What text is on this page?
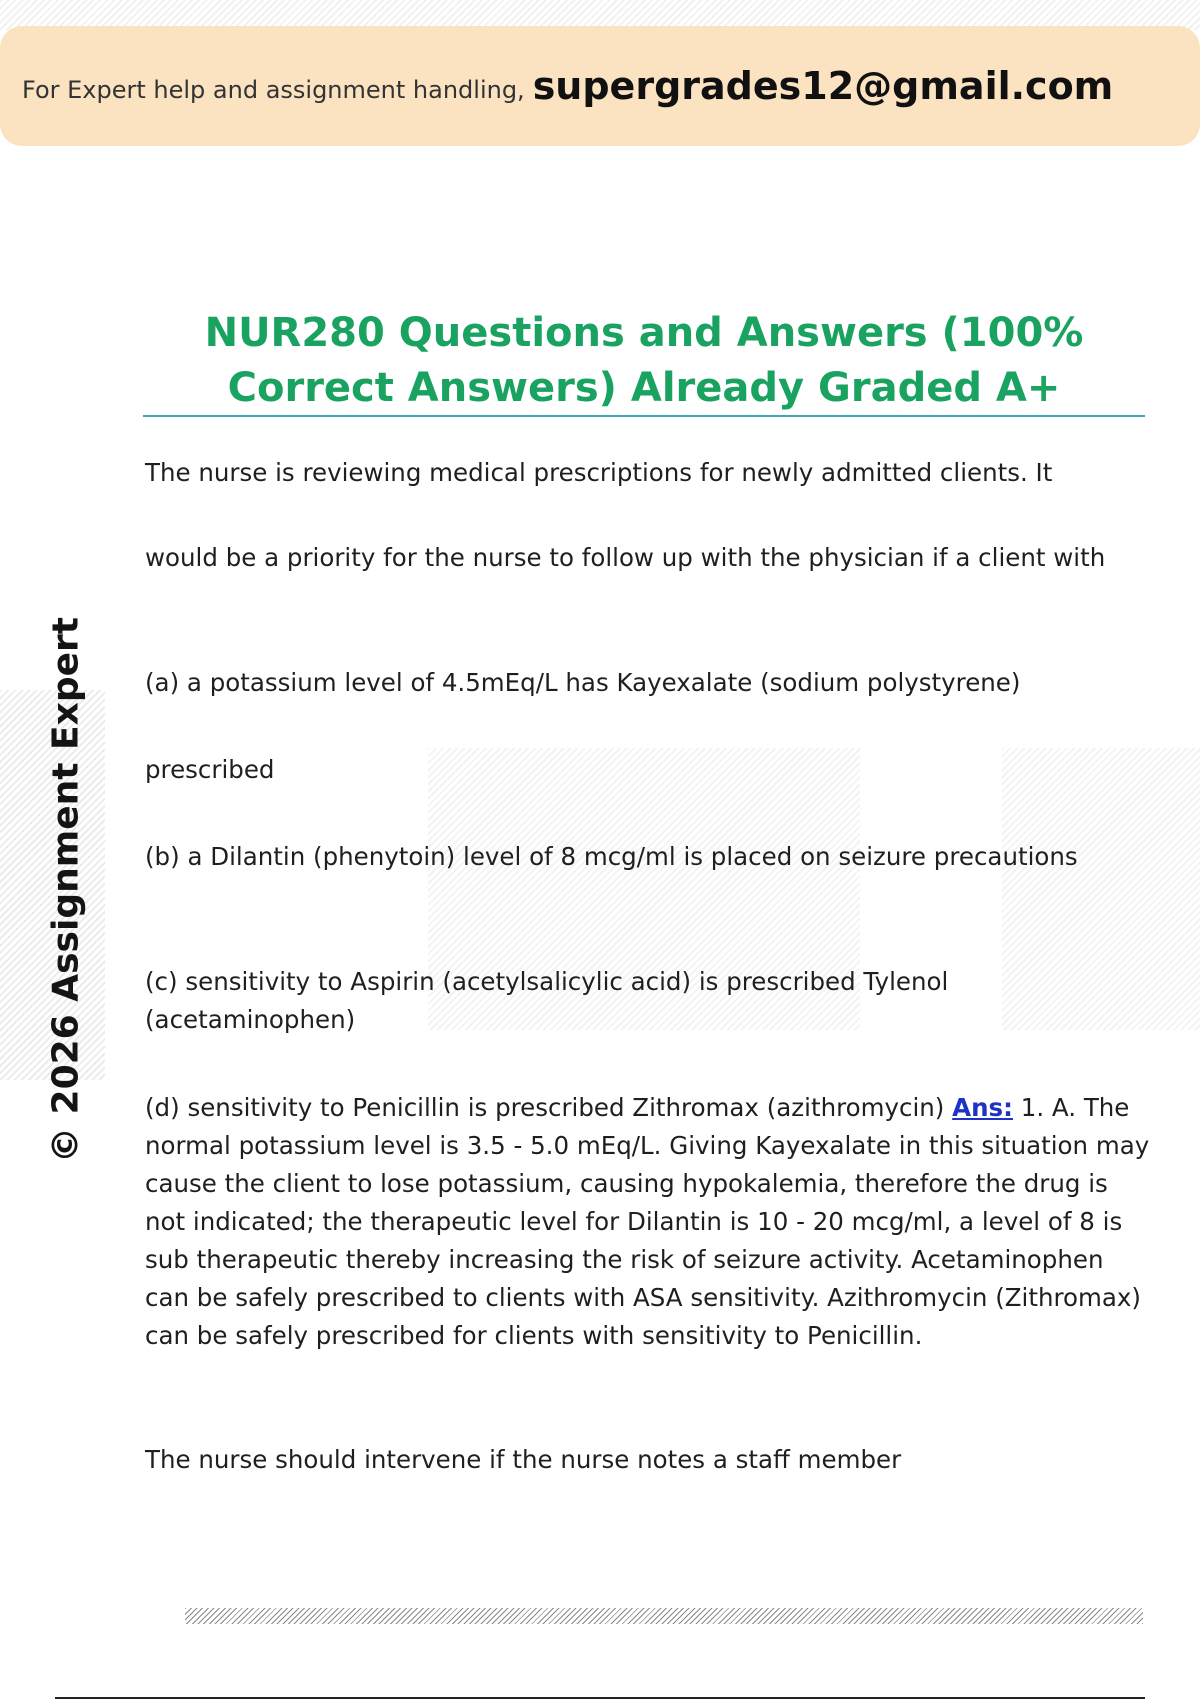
For Expert help and assignment handling, supergrades12@gmail.com
© 2026 Assignment Expert
NUR280 Questions and Answers (100% Correct Answers) Already Graded A+

The nurse is reviewing medical prescriptions for newly admitted clients. It

would be a priority for the nurse to follow up with the physician if a client with

(a) a potassium level of 4.5mEq/L has Kayexalate (sodium polystyrene)

prescribed

(b) a Dilantin (phenytoin) level of 8 mcg/ml is placed on seizure precautions

(c) sensitivity to Aspirin (acetylsalicylic acid) is prescribed Tylenol (acetaminophen)

(d) sensitivity to Penicillin is prescribed Zithromax (azithromycin) Ans: 1. A. The normal potassium level is 3.5 - 5.0 mEq/L. Giving Kayexalate in this situation may cause the client to lose potassium, causing hypokalemia, therefore the drug is not indicated; the therapeutic level for Dilantin is 10 - 20 mcg/ml, a level of 8 is sub therapeutic thereby increasing the risk of seizure activity. Acetaminophen can be safely prescribed to clients with ASA sensitivity. Azithromycin (Zithromax) can be safely prescribed for clients with sensitivity to Penicillin.

The nurse should intervene if the nurse notes a staff member
